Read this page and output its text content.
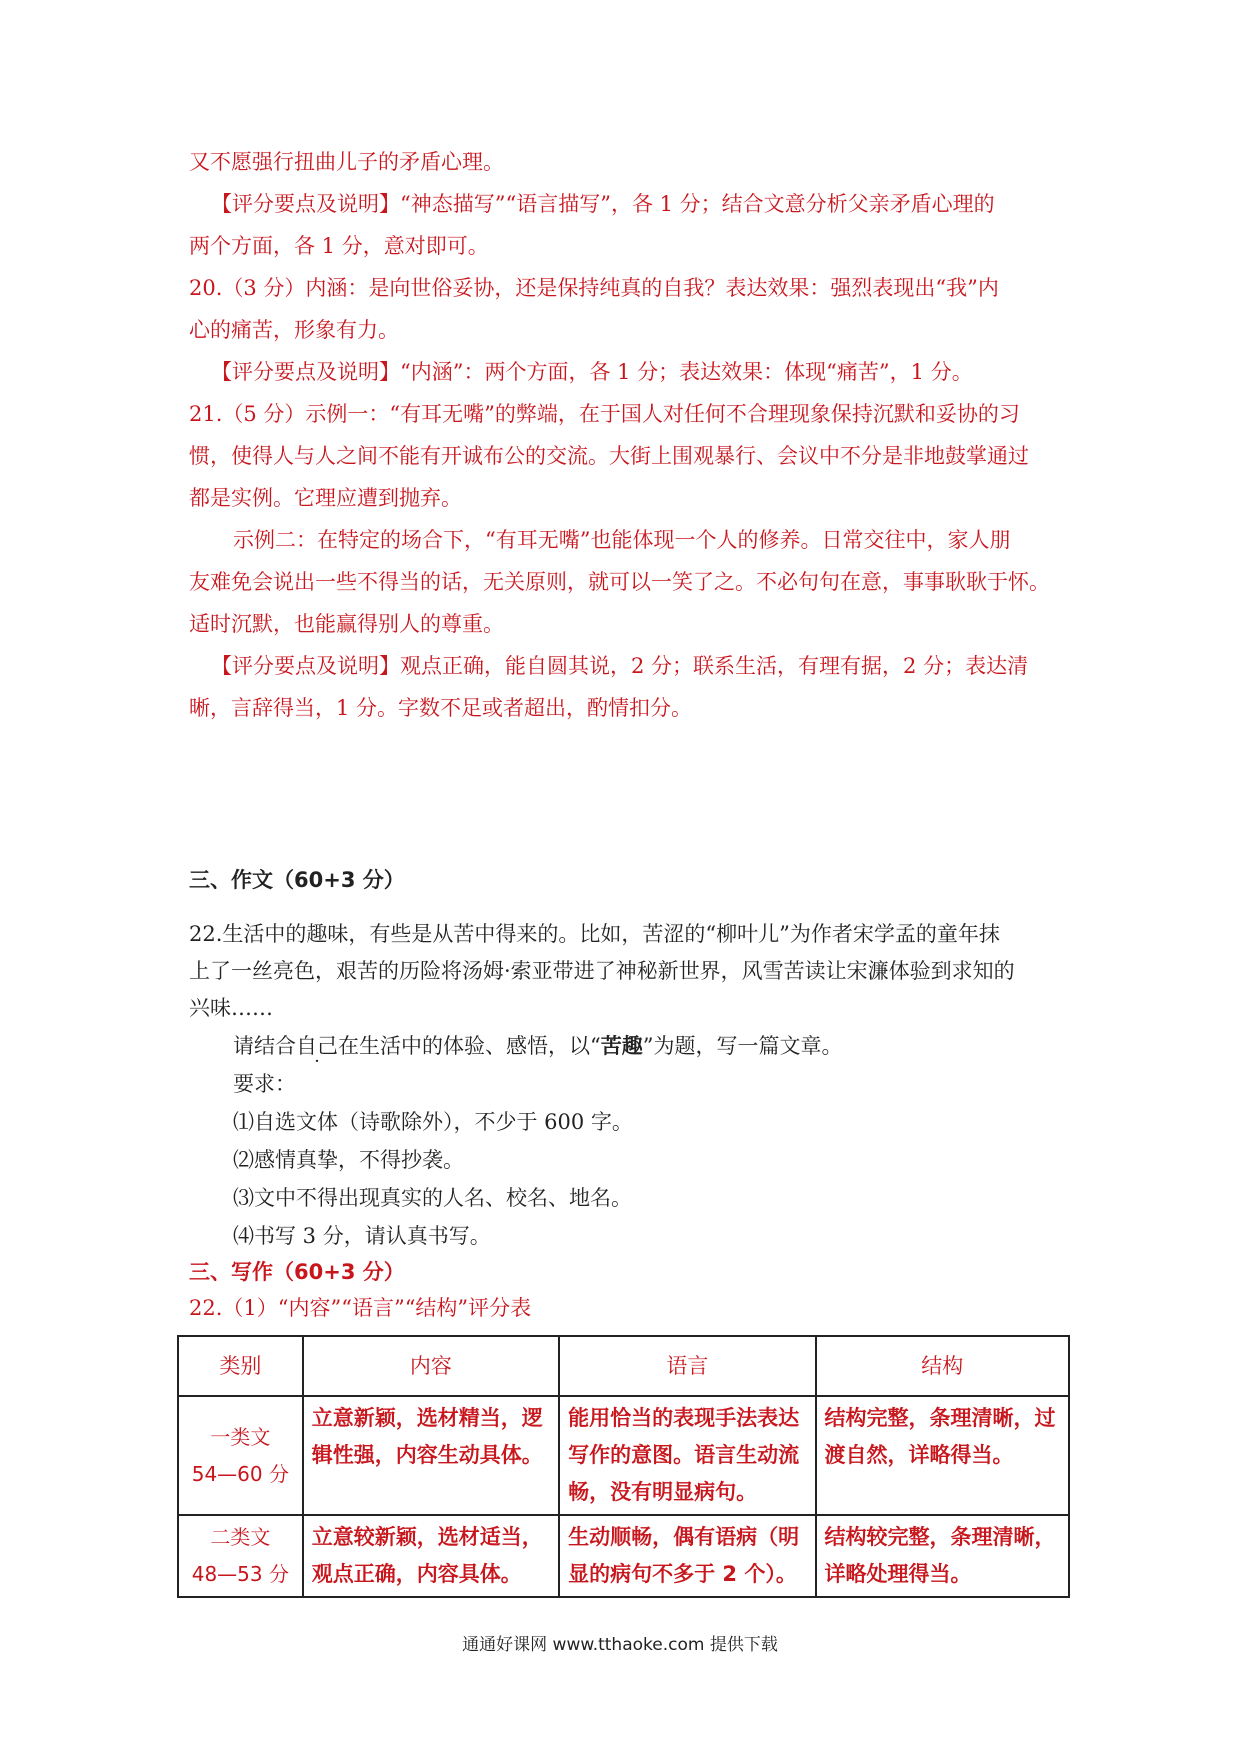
又不愿强行扭曲儿子的矛盾心理。
【评分要点及说明】“神态描写”“语言描写”，各 1 分；结合文意分析父亲矛盾心理的
两个方面，各 1 分，意对即可。
20.（3 分）内涵：是向世俗妥协，还是保持纯真的自我？表达效果：强烈表现出“我”内
心的痛苦，形象有力。
【评分要点及说明】“内涵”：两个方面，各 1 分；表达效果：体现“痛苦”，1 分。
21.（5 分）示例一：“有耳无嘴”的弊端，在于国人对任何不合理现象保持沉默和妥协的习
惯，使得人与人之间不能有开诚布公的交流。大街上围观暴行、会议中不分是非地鼓掌通过
都是实例。它理应遭到抛弃。
示例二：在特定的场合下，“有耳无嘴”也能体现一个人的修养。日常交往中，家人朋
友难免会说出一些不得当的话，无关原则，就可以一笑了之。不必句句在意，事事耿耿于怀。
适时沉默，也能赢得别人的尊重。
【评分要点及说明】观点正确，能自圆其说，2 分；联系生活，有理有据，2 分；表达清
晰，言辞得当，1 分。字数不足或者超出，酌情扣分。
三、作文（60+3 分）
22.生活中的趣味，有些是从苦中得来的。比如，苦涩的“柳叶儿”为作者宋学孟的童年抹
上了一丝亮色，艰苦的历险将汤姆·索亚带进了神秘新世界，风雪苦读让宋濂体验到求知的
兴味……
请结合自己在生活中的体验、感悟，以“苦趣”为题，写一篇文章。
要求：
⑴自选文体（诗歌除外），不少于 600 字。
⑵感情真挚，不得抄袭。
⑶文中不得出现真实的人名、校名、地名。
⑷书写 3 分，请认真书写。
三、写作（60+3 分）
22.（1）“内容”“语言”“结构”评分表
类别	内容	语言	结构

一类文
54—60 分	立意新颖，选材精当，逻辑性强，内容生动具体。	能用恰当的表现手法表达写作的意图。语言生动流畅，没有明显病句。	结构完整，条理清晰，过渡自然，详略得当。

二类文
48—53 分	立意较新颖，选材适当，观点正确，内容具体。	生动顺畅，偶有语病（明显的病句不多于 2 个）。	结构较完整，条理清晰，详略处理得当。
通通好课网 www.tthaoke.com 提供下载
